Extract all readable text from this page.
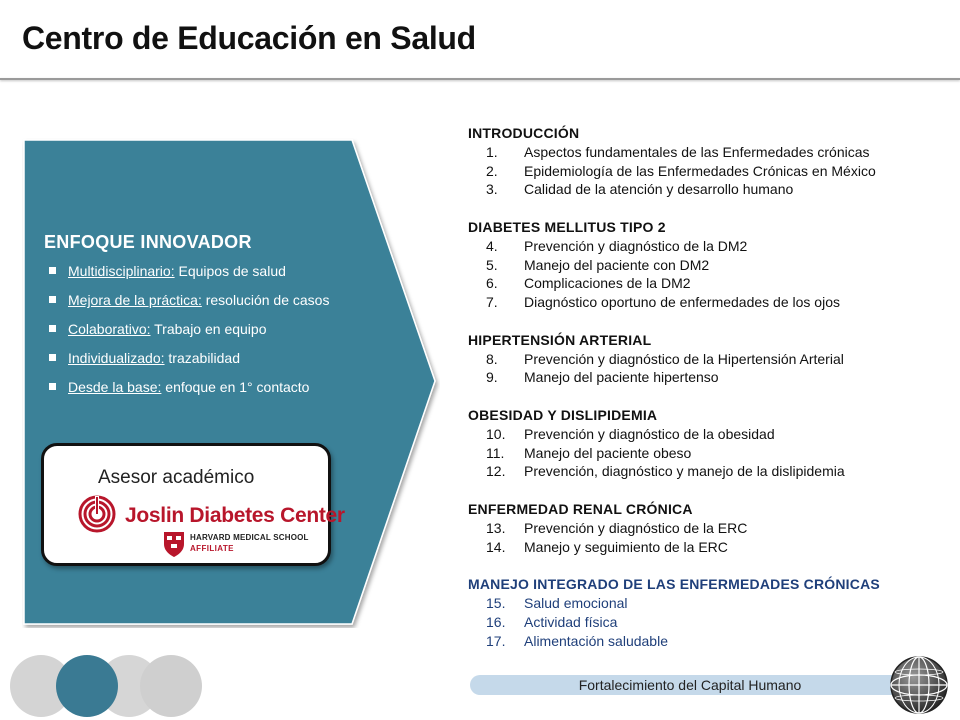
Centro de Educación en Salud
ENFOQUE INNOVADOR
Multidisciplinario: Equipos de salud
Mejora de la práctica: resolución de casos
Colaborativo: Trabajo en equipo
Individualizado: trazabilidad
Desde la base: enfoque en 1° contacto
Asesor académico
Joslin Diabetes Center
HARVARD MEDICAL SCHOOL
AFFILIATE
INTRODUCCIÓN
1. Aspectos fundamentales de las Enfermedades crónicas
2. Epidemiología de las Enfermedades Crónicas en México
3. Calidad de la atención y desarrollo humano
DIABETES MELLITUS TIPO 2
4. Prevención y diagnóstico de la DM2
5. Manejo del paciente con DM2
6. Complicaciones de la DM2
7. Diagnóstico oportuno de enfermedades de los ojos
HIPERTENSIÓN ARTERIAL
8. Prevención y diagnóstico de la Hipertensión Arterial
9. Manejo del paciente hipertenso
OBESIDAD Y DISLIPIDEMIA
10. Prevención y diagnóstico de la obesidad
11. Manejo del paciente obeso
12. Prevención, diagnóstico y manejo de la dislipidemia
ENFERMEDAD RENAL CRÓNICA
13. Prevención y diagnóstico de la ERC
14. Manejo y seguimiento de la ERC
MANEJO INTEGRADO DE LAS ENFERMEDADES CRÓNICAS
15. Salud emocional
16. Actividad física
17. Alimentación saludable
Fortalecimiento del Capital Humano
